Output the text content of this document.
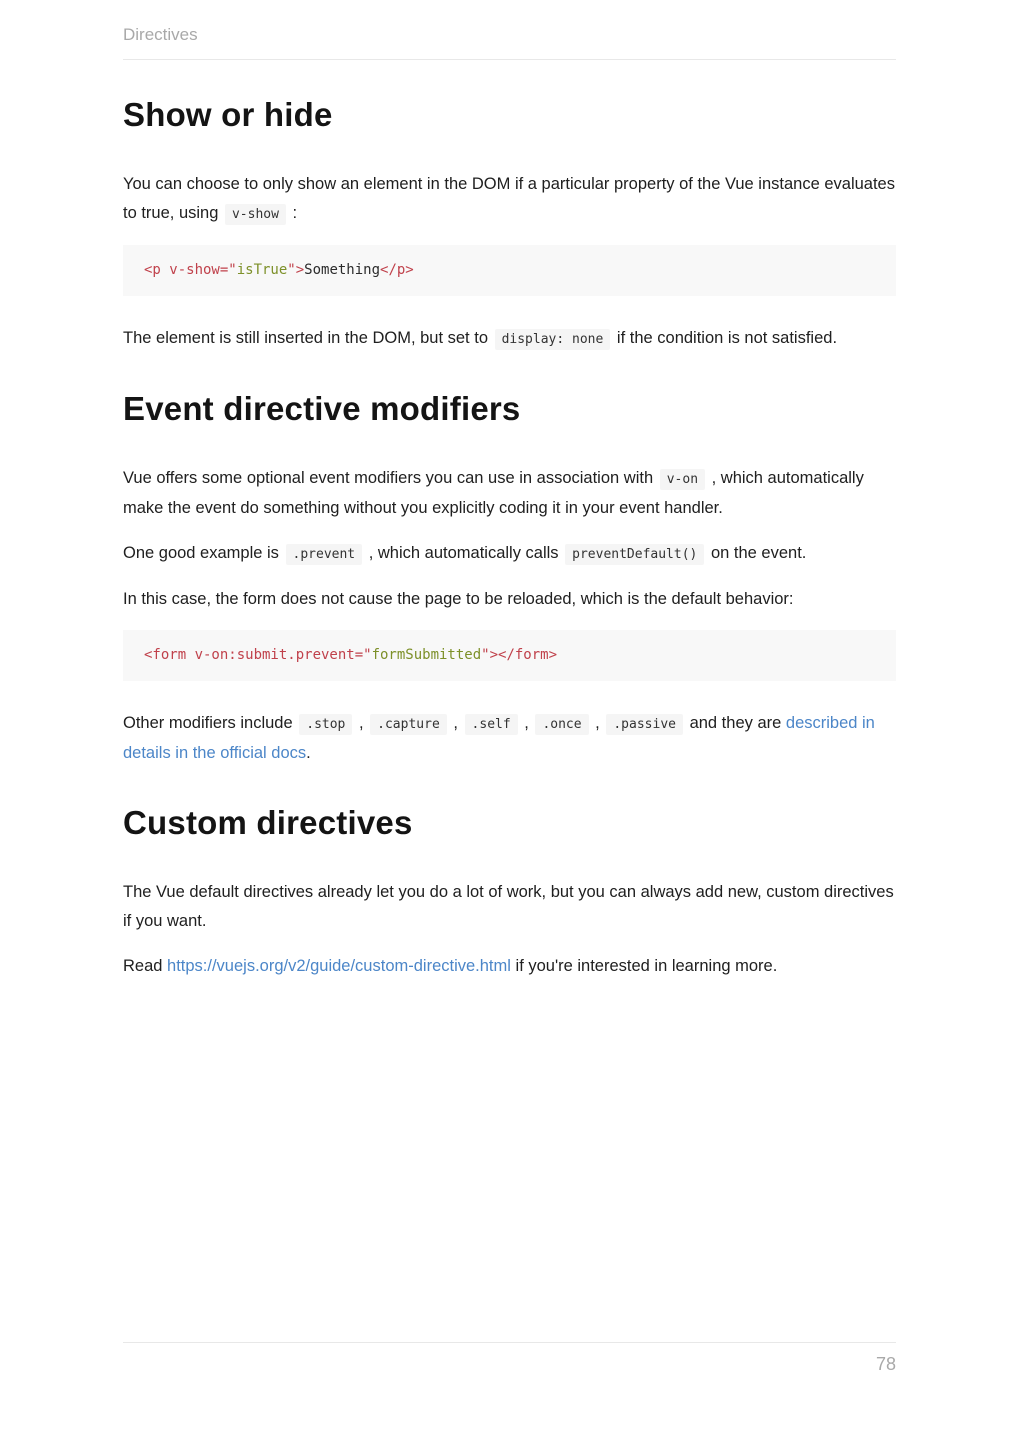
Directives
Show or hide

You can choose to only show an element in the DOM if a particular property of the Vue instance evaluates to true, using v-show :

<p v-show="isTrue">Something</p>

The element is still inserted in the DOM, but set to display: none if the condition is not satisfied.

Event directive modifiers

Vue offers some optional event modifiers you can use in association with v-on , which automatically make the event do something without you explicitly coding it in your event handler.

One good example is .prevent , which automatically calls preventDefault() on the event.

In this case, the form does not cause the page to be reloaded, which is the default behavior:

<form v-on:submit.prevent="formSubmitted"></form>

Other modifiers include .stop , .capture , .self , .once , .passive and they are described in details in the official docs.

Custom directives

The Vue default directives already let you do a lot of work, but you can always add new, custom directives if you want.

Read https://vuejs.org/v2/guide/custom-directive.html if you're interested in learning more.

78
